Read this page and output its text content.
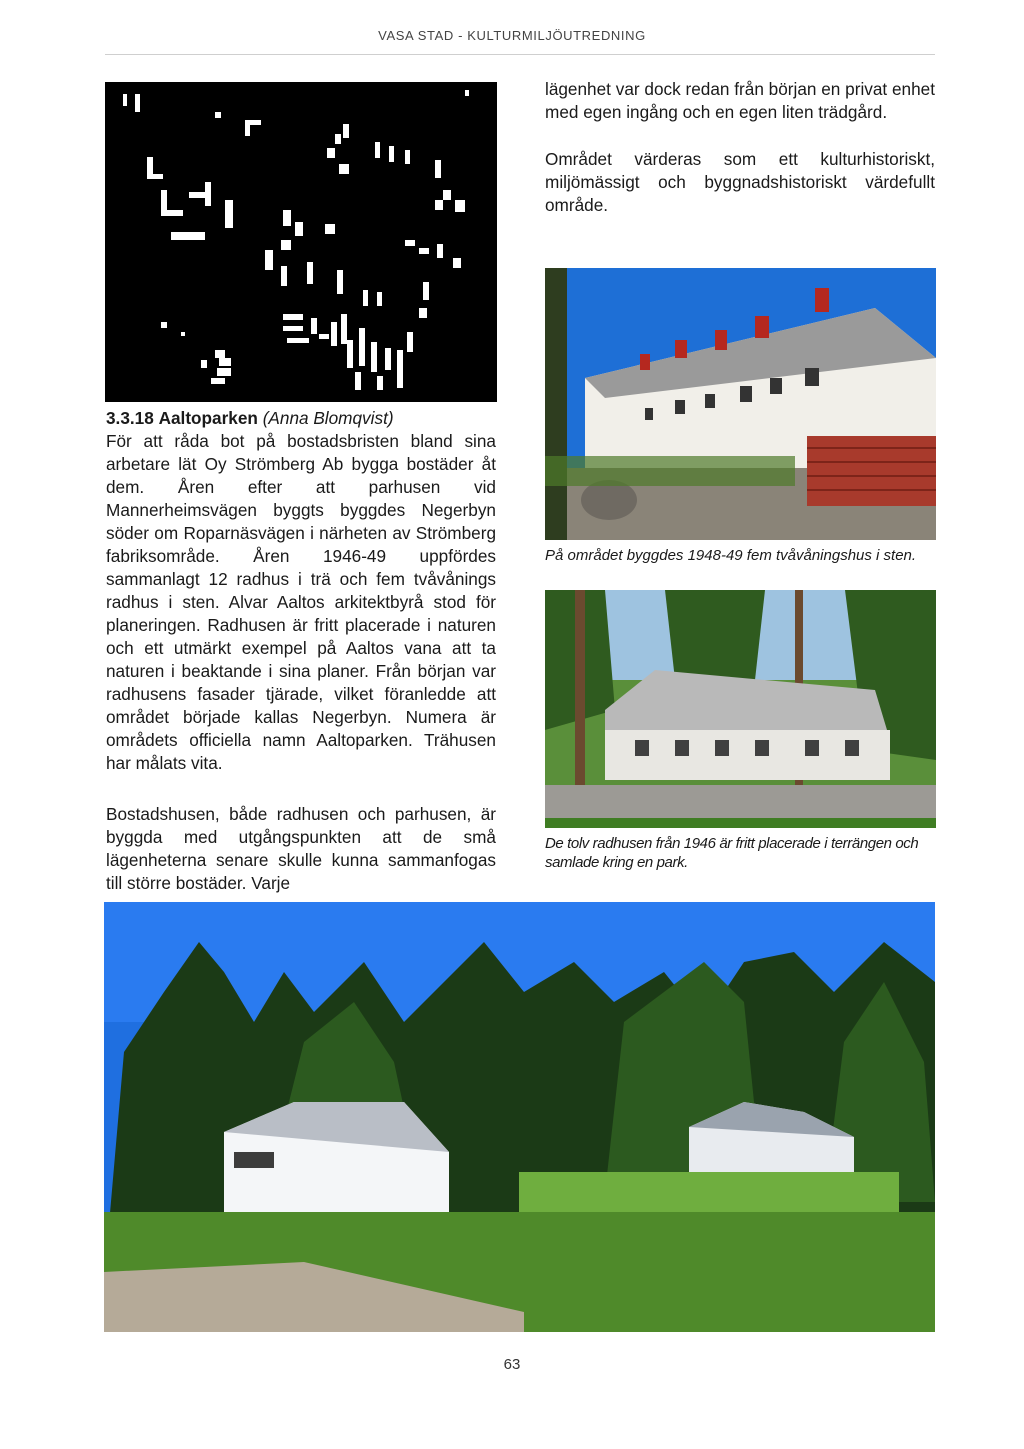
VASA STAD - KULTURMILJÖUTREDNING

3.3.18 Aaltoparken (Anna Blomqvist)

För att råda bot på bostadsbristen bland sina arbetare lät Oy Strömberg Ab bygga bostäder åt dem. Åren efter att parhusen vid Mannerheimsvägen byggts byggdes Negerbyn söder om Roparnäsvägen i närheten av Strömberg fabriksområde. Åren 1946-49 uppfördes sammanlagt 12 radhus i trä och fem tvåvånings radhus i sten. Alvar Aaltos arkitektbyrå stod för planeringen. Radhusen är fritt placerade i naturen och ett utmärkt exempel på Aaltos vana att ta naturen i beaktande i sina planer. Från början var radhusens fasader tjärade, vilket föranledde att området började kallas Negerbyn. Numera är områdets officiella namn Aaltoparken. Trähusen har målats vita.

Bostadshusen, både radhusen och parhusen, är byggda med utgångspunkten att de små lägenheterna senare skulle kunna sammanfogas till större bostäder. Varje

lägenhet var dock redan från början en privat enhet med egen ingång och en egen liten trädgård.

Området värderas som ett kulturhistoriskt, miljömässigt och byggnadshistoriskt värdefullt område.

På området byggdes 1948-49 fem tvåvåningshus i sten.

De tolv radhusen från 1946 är fritt placerade i terrängen och samlade kring en park.

63
